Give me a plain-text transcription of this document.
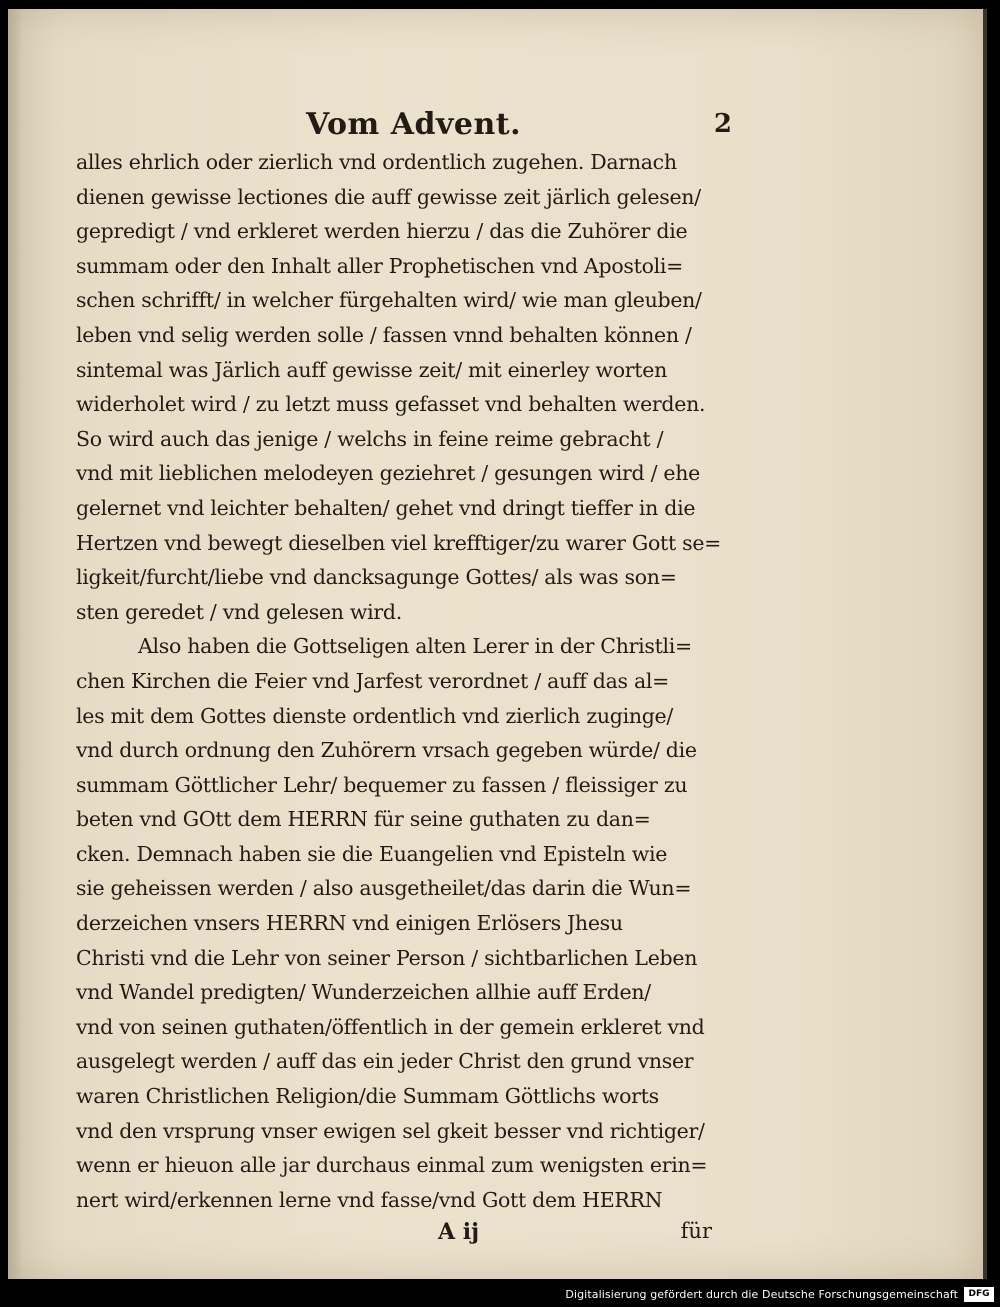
Vom Advent.	2
alles ehrlich oder zierlich vnd ordentlich zugehen. Darnach
dienen gewisse lectiones die auff gewisse zeit järlich gelesen/
gepredigt / vnd erkleret werden hierzu / das die Zuhörer die
summam oder den Inhalt aller Prophetischen vnd Apostoli=
schen schrifft/ in welcher fürgehalten wird/ wie man gleuben/
leben vnd selig werden solle / fassen vnnd behalten können /
sintemal was Järlich auff gewisse zeit/ mit einerley worten
widerholet wird / zu letzt muss gefasset vnd behalten werden.
So wird auch das jenige / welchs in feine reime gebracht /
vnd mit lieblichen melodeyen geziehret / gesungen wird / ehe
gelernet vnd leichter behalten/ gehet vnd dringt tieffer in die
Hertzen vnd bewegt dieselben viel krefftiger/zu warer Gott se=
ligkeit/furcht/liebe vnd dancksagunge Gottes/ als was son=
sten geredet / vnd gelesen wird.
Also haben die Gottseligen alten Lerer in der Christli=
chen Kirchen die Feier vnd Jarfest verordnet / auff das al=
les mit dem Gottes dienste ordentlich vnd zierlich zuginge/
vnd durch ordnung den Zuhörern vrsach gegeben würde/ die
summam Göttlicher Lehr/ bequemer zu fassen / fleissiger zu
beten vnd GOtt dem HERRN für seine guthaten zu dan=
cken. Demnach haben sie die Euangelien vnd Episteln wie
sie geheissen werden / also ausgetheilet/das darin die Wun=
derzeichen vnsers HERRN vnd einigen Erlösers Jhesu
Christi vnd die Lehr von seiner Person / sichtbarlichen Leben
vnd Wandel predigten/ Wunderzeichen allhie auff Erden/
vnd von seinen guthaten/öffentlich in der gemein erkleret vnd
ausgelegt werden / auff das ein jeder Christ den grund vnser
waren Christlichen Religion/die Summam Göttlichs worts
vnd den vrsprung vnser ewigen sel gkeit besser vnd richtiger/
wenn er hieuon alle jar durchaus einmal zum wenigsten erin=
nert wird/erkennen lerne vnd fasse/vnd Gott dem HERRN
A ij	für
Digitalisierung gefördert durch die Deutsche Forschungsgemeinschaft	DFG
